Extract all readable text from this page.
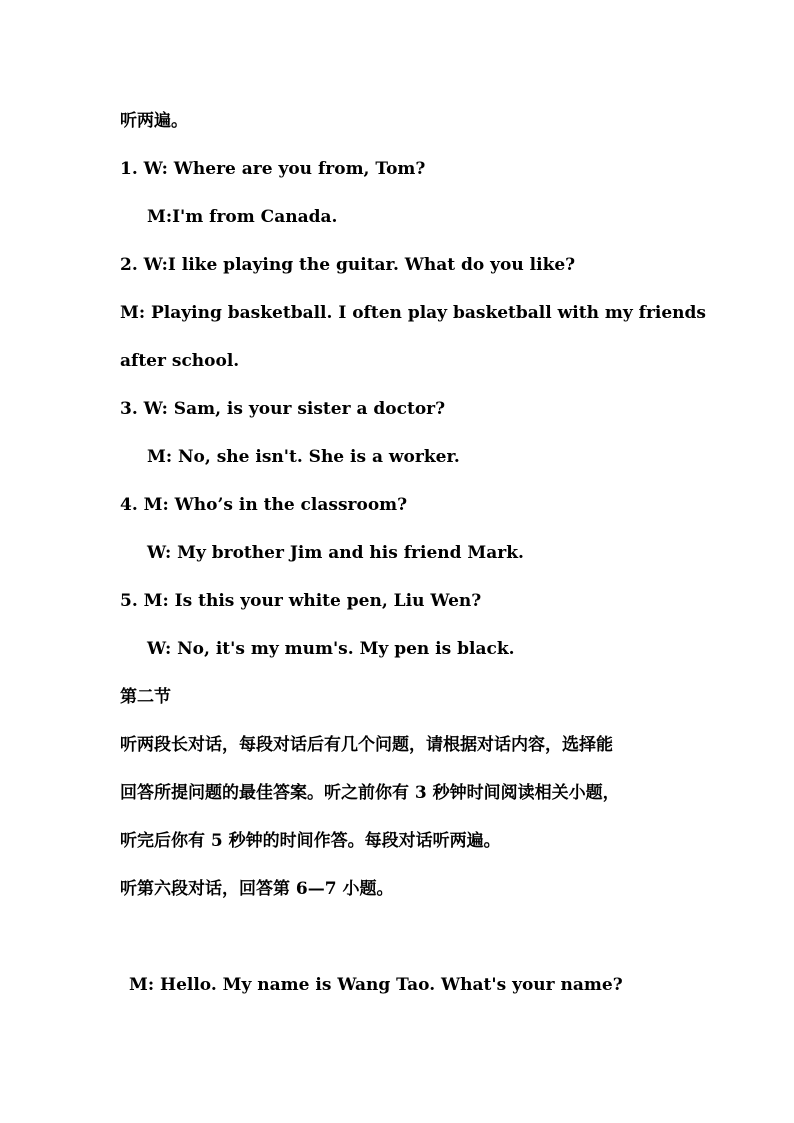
听两遍。
1. W: Where are you from, Tom?
M:I'm from Canada.
2. W:I like playing the guitar. What do you like?
M: Playing basketball. I often play basketball with my friends
after school.
3. W: Sam, is your sister a doctor?
M: No, she isn't. She is a worker.
4. M: Who’s in the classroom?
W: My brother Jim and his friend Mark.
5. M: Is this your white pen, Liu Wen?
W: No, it's my mum's. My pen is black.
第二节
听两段长对话，每段对话后有几个问题，请根据对话内容，选择能
回答所提问题的最佳答案。听之前你有 3 秒钟时间阅读相关小题，
听完后你有 5 秒钟的时间作答。每段对话听两遍。
听第六段对话，回答第 6—7 小题。
M: Hello. My name is Wang Tao. What's your name?
